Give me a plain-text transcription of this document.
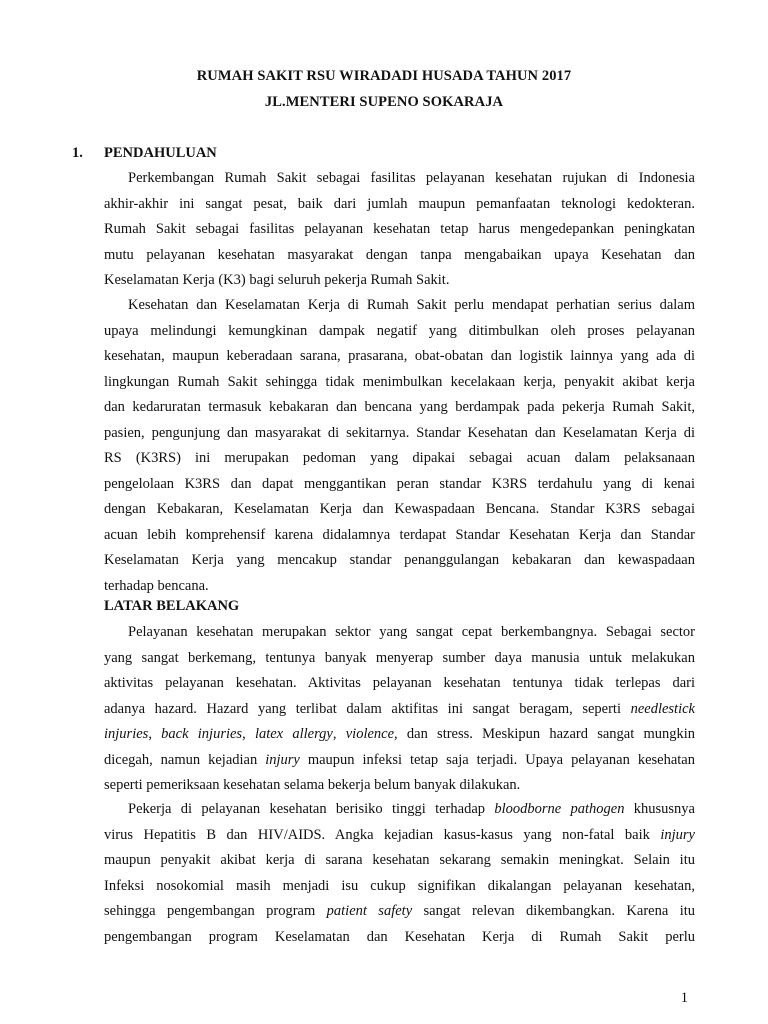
RUMAH SAKIT RSU WIRADADI HUSADA TAHUN 2017
JL.MENTERI SUPENO SOKARAJA
1. PENDAHULUAN
Perkembangan Rumah Sakit sebagai fasilitas pelayanan kesehatan rujukan di Indonesia
akhir-akhir ini sangat pesat, baik dari jumlah maupun pemanfaatan teknologi kedokteran.
Rumah Sakit sebagai fasilitas pelayanan kesehatan tetap harus mengedepankan peningkatan
mutu pelayanan kesehatan masyarakat dengan tanpa mengabaikan upaya Kesehatan dan
Keselamatan Kerja (K3) bagi seluruh pekerja Rumah Sakit.
Kesehatan dan Keselamatan Kerja di Rumah Sakit perlu mendapat perhatian serius dalam
upaya melindungi kemungkinan dampak negatif yang ditimbulkan oleh proses pelayanan
kesehatan, maupun keberadaan sarana, prasarana, obat-obatan dan logistik lainnya yang ada di
lingkungan Rumah Sakit sehingga tidak menimbulkan kecelakaan kerja, penyakit akibat kerja
dan kedaruratan termasuk kebakaran dan bencana yang berdampak pada pekerja Rumah Sakit,
pasien, pengunjung dan masyarakat di sekitarnya. Standar Kesehatan dan Keselamatan Kerja di
RS (K3RS) ini merupakan pedoman yang dipakai sebagai acuan dalam pelaksanaan
pengelolaan K3RS dan dapat menggantikan peran standar K3RS terdahulu yang di kenai
dengan Kebakaran, Keselamatan Kerja dan Kewaspadaan Bencana. Standar K3RS sebagai
acuan lebih komprehensif karena didalamnya terdapat Standar Kesehatan Kerja dan Standar
Keselamatan Kerja yang mencakup standar penanggulangan kebakaran dan kewaspadaan
terhadap bencana.
LATAR BELAKANG
Pelayanan kesehatan merupakan sektor yang sangat cepat berkembangnya. Sebagai sector
yang sangat berkemang, tentunya banyak menyerap sumber daya manusia untuk melakukan
aktivitas pelayanan kesehatan. Aktivitas pelayanan kesehatan tentunya tidak terlepas dari
adanya hazard. Hazard yang terlibat dalam aktifitas ini sangat beragam, seperti needlestick
injuries, back injuries, latex allergy, violence, dan stress. Meskipun hazard sangat mungkin
dicegah, namun kejadian injury maupun infeksi tetap saja terjadi. Upaya pelayanan kesehatan
seperti pemeriksaan kesehatan selama bekerja belum banyak dilakukan.
Pekerja di pelayanan kesehatan berisiko tinggi terhadap bloodborne pathogen khususnya
virus Hepatitis B dan HIV/AIDS. Angka kejadian kasus-kasus yang non-fatal baik injury
maupun penyakit akibat kerja di sarana kesehatan sekarang semakin meningkat. Selain itu
Infeksi nosokomial masih menjadi isu cukup signifikan dikalangan pelayanan kesehatan,
sehingga pengembangan program patient safety sangat relevan dikembangkan. Karena itu
pengembangan program Keselamatan dan Kesehatan Kerja di Rumah Sakit perlu
1
